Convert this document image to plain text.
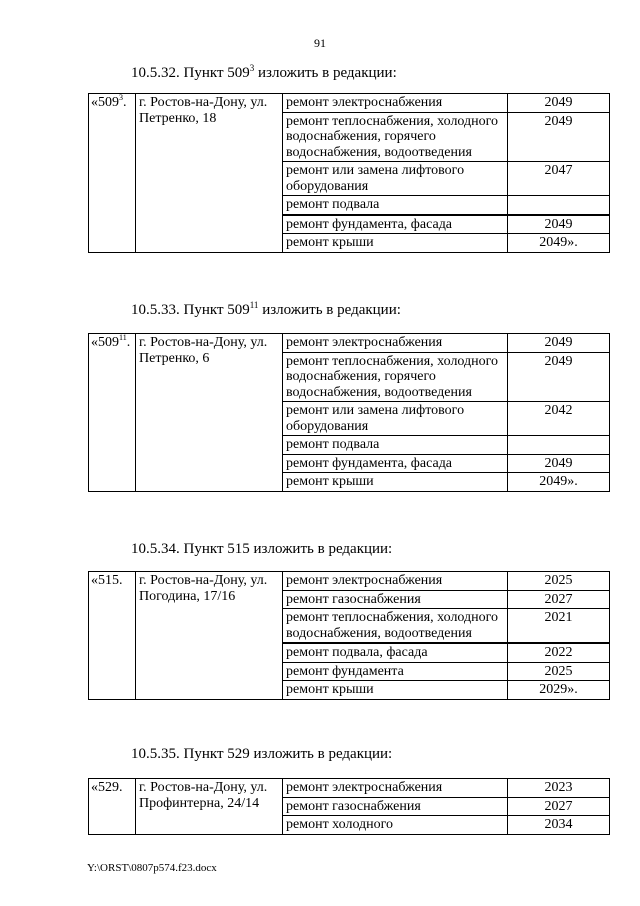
91
10.5.32. Пункт $509^3$ изложить в редакции:
«$509^3$.	г. Ростов-на-Дону, ул. Петренко, 18	ремонт электроснабжения	2049
		ремонт теплоснабжения, холодного водоснабжения, горячего водоснабжения, водоотведения	2049
		ремонт или замена лифтового оборудования	2047
		ремонт подвала	
		ремонт фундамента, фасада	2049
		ремонт крыши	2049».
10.5.33. Пункт $509^{11}$ изложить в редакции:
«$509^{11}$.	г. Ростов-на-Дону, ул. Петренко, 6	ремонт электроснабжения	2049
		ремонт теплоснабжения, холодного водоснабжения, горячего водоснабжения, водоотведения	2049
		ремонт или замена лифтового оборудования	2042
		ремонт подвала	
		ремонт фундамента, фасада	2049
		ремонт крыши	2049».
10.5.34. Пункт 515 изложить в редакции:
«515.	г. Ростов-на-Дону, ул. Погодина, 17/16	ремонт электроснабжения	2025
		ремонт газоснабжения	2027
		ремонт теплоснабжения, холодного водоснабжения, водоотведения	2021
		ремонт подвала, фасада	2022
		ремонт фундамента	2025
		ремонт крыши	2029».
10.5.35. Пункт 529 изложить в редакции:
«529.	г. Ростов-на-Дону, ул. Профинтерна, 24/14	ремонт электроснабжения	2023
		ремонт газоснабжения	2027
		ремонт холодного	2034
Y:\ORST\0807p574.f23.docx
